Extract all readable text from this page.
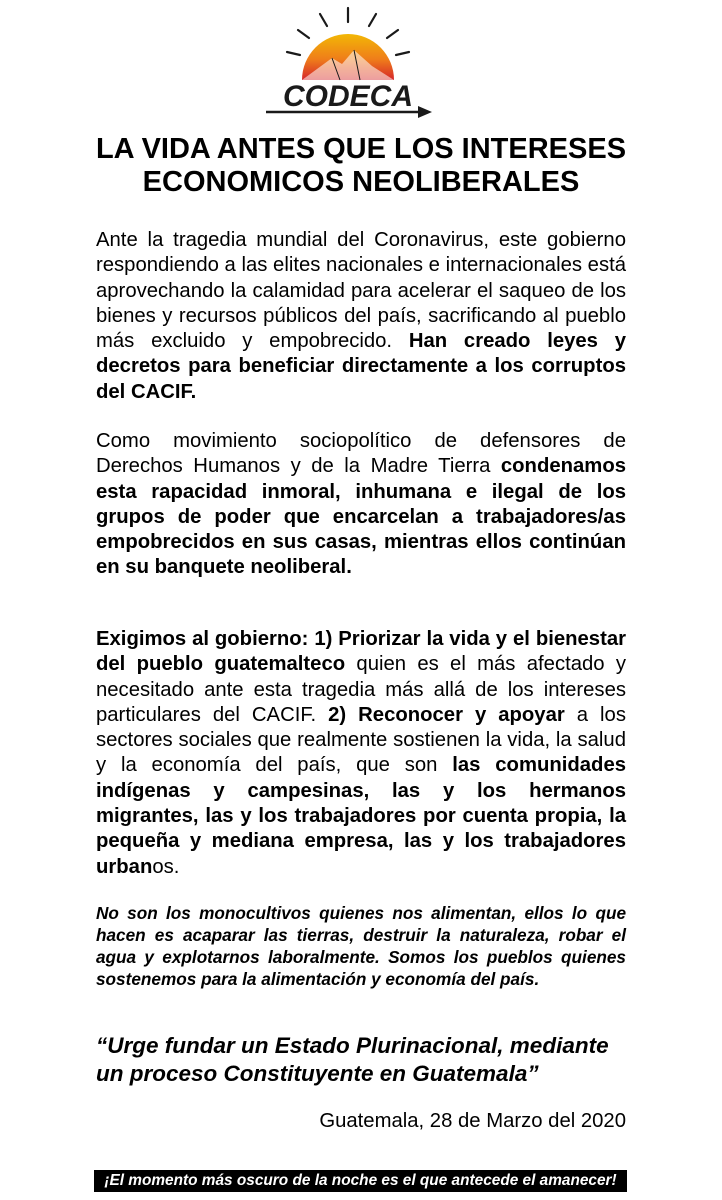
CODECA
LA VIDA ANTES QUE LOS INTERESES ECONOMICOS NEOLIBERALES

Ante la tragedia mundial del Coronavirus, este gobierno respondiendo a las elites nacionales e internacionales está aprovechando la calamidad para acelerar el saqueo de los bienes y recursos públicos del país, sacrificando al pueblo más excluido y empobrecido. Han creado leyes y decretos para beneficiar directamente a los corruptos del CACIF.

Como movimiento sociopolítico de defensores de Derechos Humanos y de la Madre Tierra condenamos esta rapacidad inmoral, inhumana e ilegal de los grupos de poder que encarcelan a trabajadores/as empobrecidos en sus casas, mientras ellos continúan en su banquete neoliberal.

Exigimos al gobierno: 1) Priorizar la vida y el bienestar del pueblo guatemalteco quien es el más afectado y necesitado ante esta tragedia más allá de los intereses particulares del CACIF. 2) Reconocer y apoyar a los sectores sociales que realmente sostienen la vida, la salud y la economía del país, que son las comunidades indígenas y campesinas, las y los hermanos migrantes, las y los trabajadores por cuenta propia, la pequeña y mediana empresa, las y los trabajadores urbanos.

No son los monocultivos quienes nos alimentan, ellos lo que hacen es acaparar las tierras, destruir la naturaleza, robar el agua y explotarnos laboralmente. Somos los pueblos quienes sostenemos para la alimentación y economía del país.

“Urge fundar un Estado Plurinacional, mediante un proceso Constituyente en Guatemala”

Guatemala, 28 de Marzo del 2020

¡El momento más oscuro de la noche es el que antecede el amanecer!
